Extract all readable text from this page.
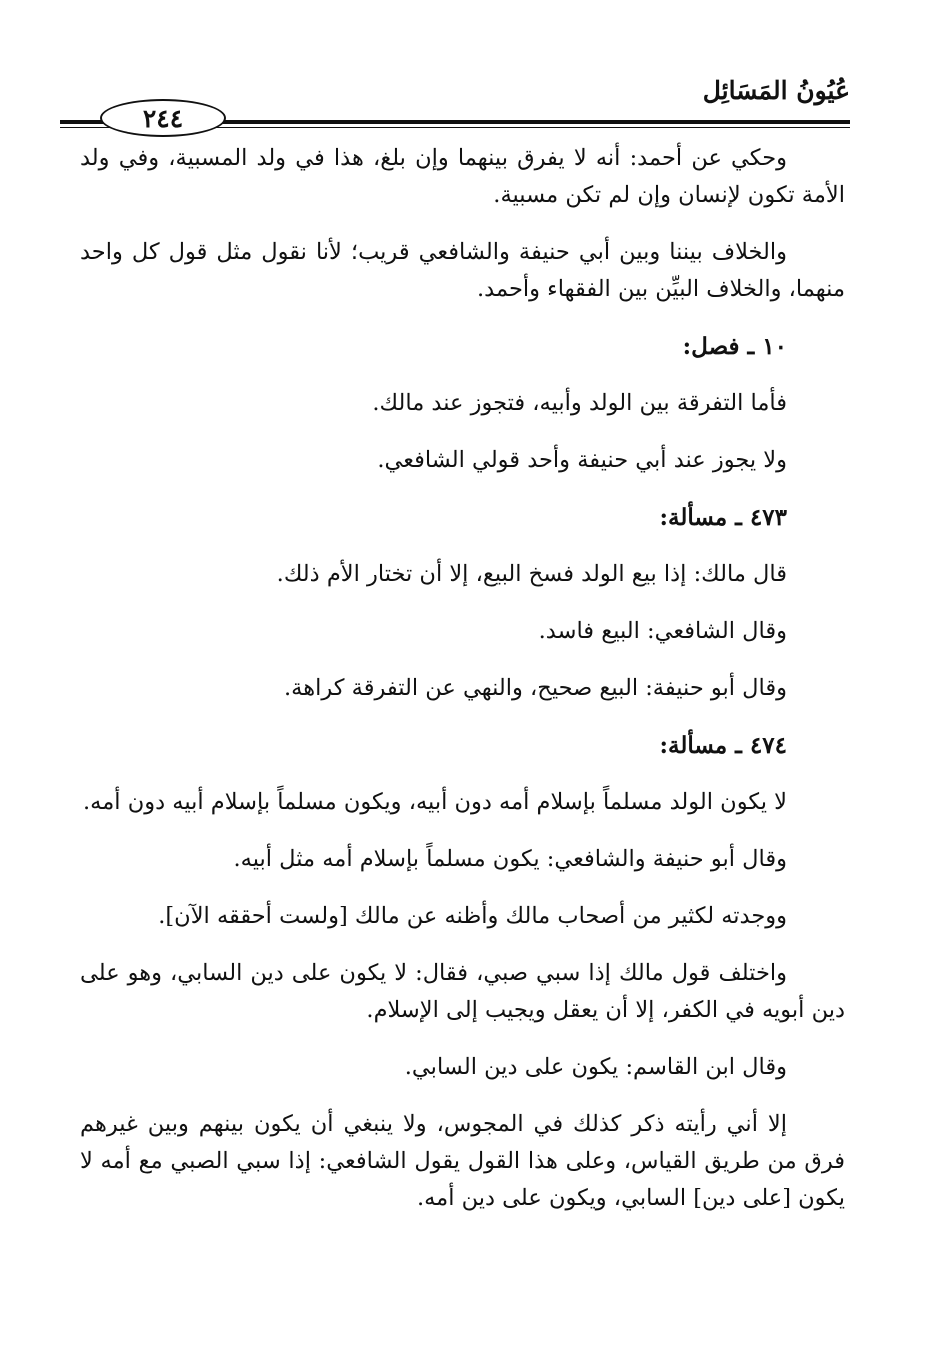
عُيُونُ المَسَائِل
٢٤٤

وحكي عن أحمد: أنه لا يفرق بينهما وإن بلغ، هذا في ولد المسبية، وفي ولد الأمة تكون لإنسان وإن لم تكن مسبية.

والخلاف بيننا وبين أبي حنيفة والشافعي قريب؛ لأنا نقول مثل قول كل واحد منهما، والخلاف البيِّن بين الفقهاء وأحمد.

١٠ ـ فصل:

فأما التفرقة بين الولد وأبيه، فتجوز عند مالك.

ولا يجوز عند أبي حنيفة وأحد قولي الشافعي.

٤٧٣ ـ مسألة:

قال مالك: إذا بيع الولد فسخ البيع، إلا أن تختار الأم ذلك.

وقال الشافعي: البيع فاسد.

وقال أبو حنيفة: البيع صحيح، والنهي عن التفرقة كراهة.

٤٧٤ ـ مسألة:

لا يكون الولد مسلماً بإسلام أمه دون أبيه، ويكون مسلماً بإسلام أبيه دون أمه.

وقال أبو حنيفة والشافعي: يكون مسلماً بإسلام أمه مثل أبيه.

ووجدته لكثير من أصحاب مالك وأظنه عن مالك [ولست أحققه الآن].

واختلف قول مالك إذا سبي صبي، فقال: لا يكون على دين السابي، وهو على دين أبويه في الكفر، إلا أن يعقل ويجيب إلى الإسلام.

وقال ابن القاسم: يكون على دين السابي.

إلا أني رأيته ذكر كذلك في المجوس، ولا ينبغي أن يكون بينهم وبين غيرهم فرق من طريق القياس، وعلى هذا القول يقول الشافعي: إذا سبي الصبي مع أمه لا يكون [على دين] السابي، ويكون على دين أمه.
